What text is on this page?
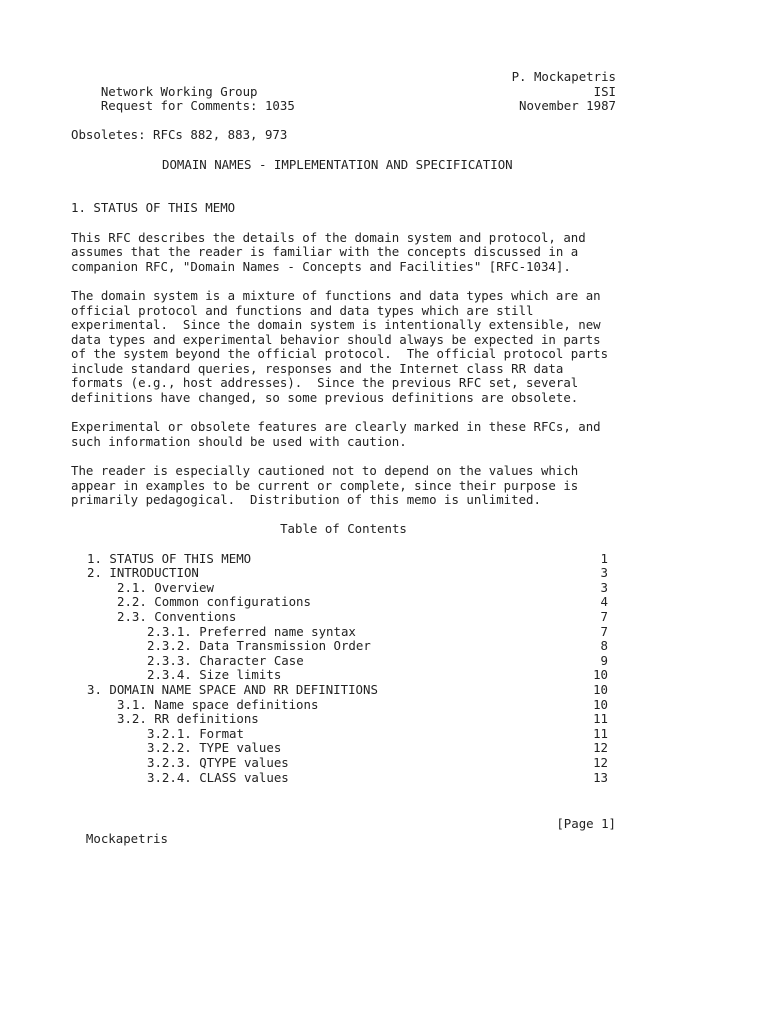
Network Working Group

P. Mockapetris

Request for Comments: 1035

ISI

November 1987

Obsoletes: RFCs 882, 883, 973
DOMAIN NAMES - IMPLEMENTATION AND SPECIFICATION
1. STATUS OF THIS MEMO
This RFC describes the details of the domain system and protocol, and
assumes that the reader is familiar with the concepts discussed in a
companion RFC, "Domain Names - Concepts and Facilities" [RFC-1034].
The domain system is a mixture of functions and data types which are an
official protocol and functions and data types which are still
experimental.  Since the domain system is intentionally extensible, new
data types and experimental behavior should always be expected in parts
of the system beyond the official protocol.  The official protocol parts
include standard queries, responses and the Internet class RR data
formats (e.g., host addresses).  Since the previous RFC set, several
definitions have changed, so some previous definitions are obsolete.
Experimental or obsolete features are clearly marked in these RFCs, and
such information should be used with caution.
The reader is especially cautioned not to depend on the values which
appear in examples to be current or complete, since their purpose is
primarily pedagogical.  Distribution of this memo is unlimited.
Table of Contents
1. STATUS OF THIS MEMO	1
2. INTRODUCTION	3
2.1. Overview	3
2.2. Common configurations	4
2.3. Conventions	7
2.3.1. Preferred name syntax	7
2.3.2. Data Transmission Order	8
2.3.3. Character Case	9
2.3.4. Size limits	10
3. DOMAIN NAME SPACE AND RR DEFINITIONS	10
3.1. Name space definitions	10
3.2. RR definitions	11
3.2.1. Format	11
3.2.2. TYPE values	12
3.2.3. QTYPE values	12
3.2.4. CLASS values	13

Mockapetris

[Page 1]
